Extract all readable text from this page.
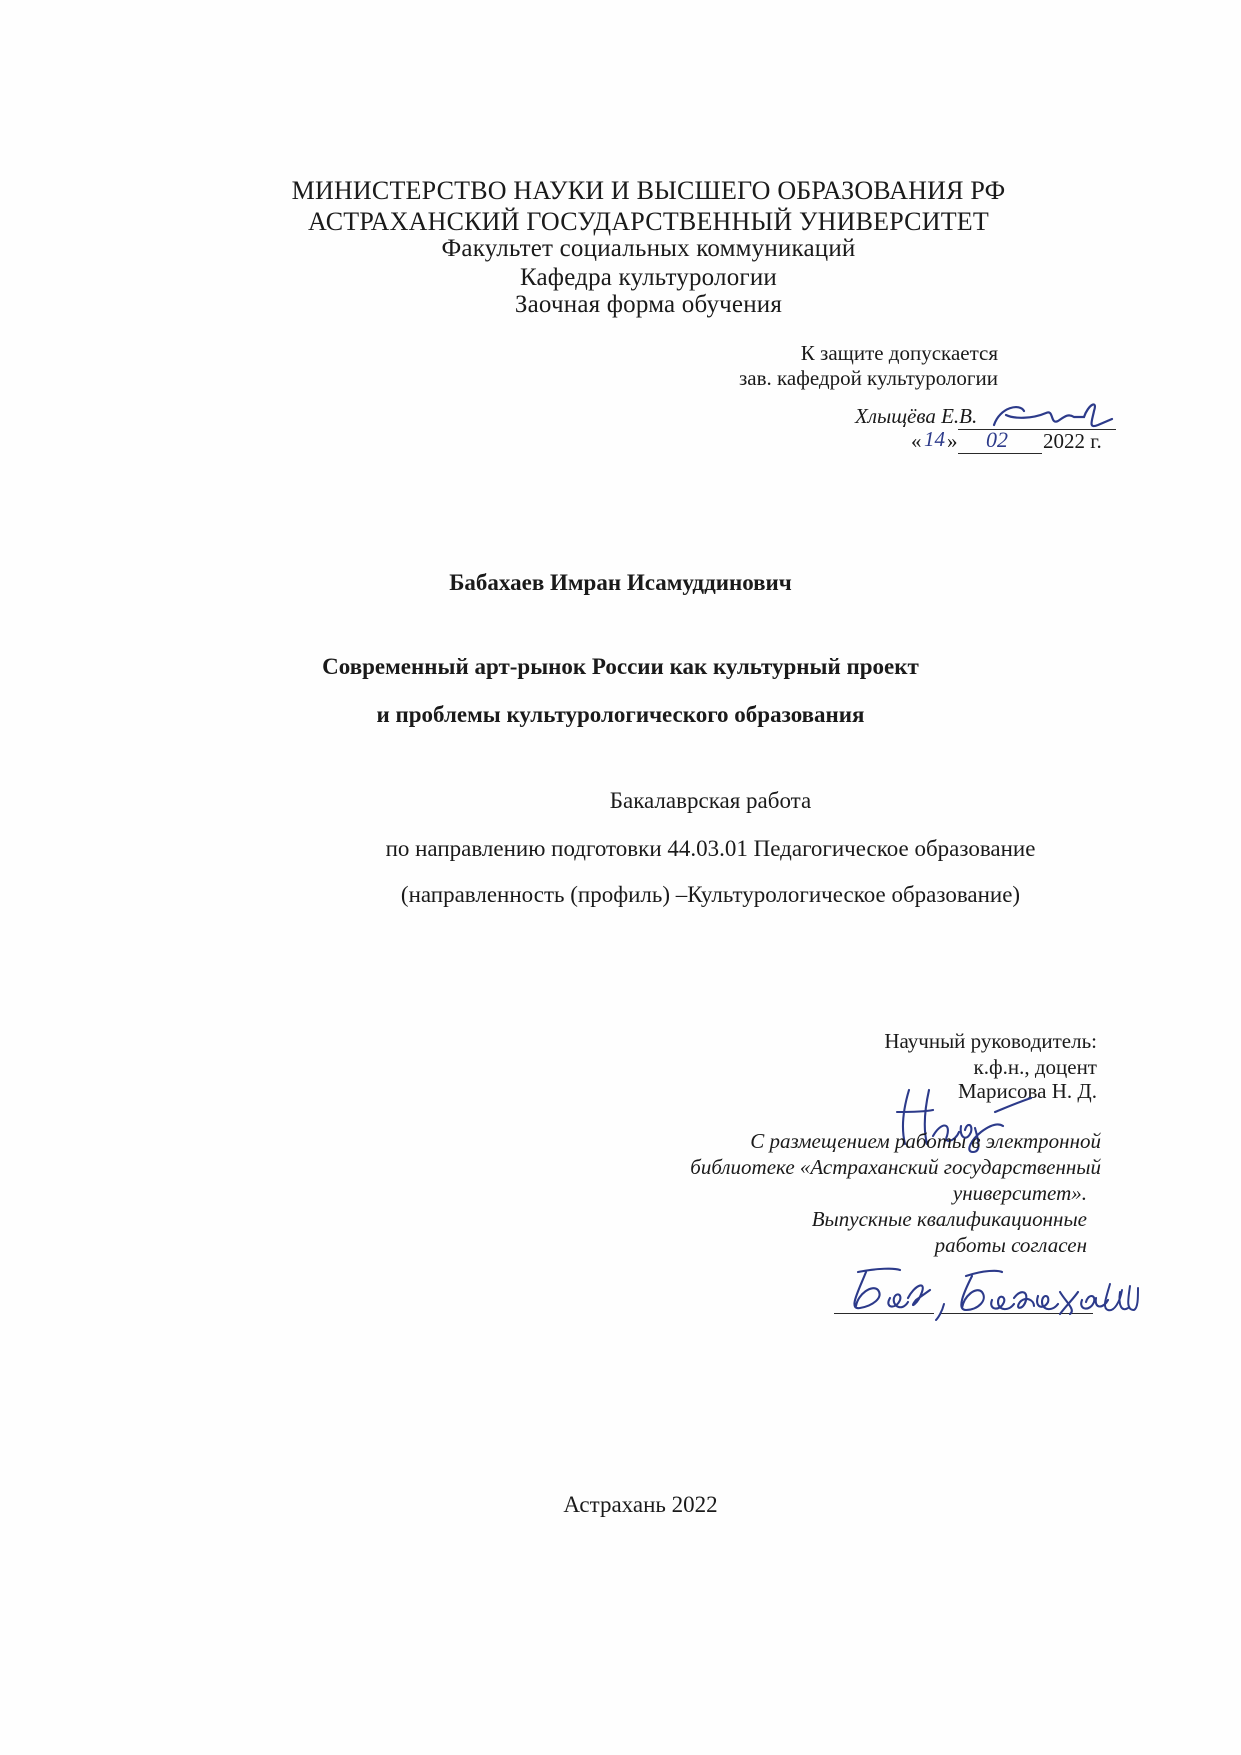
МИНИСТЕРСТВО НАУКИ И ВЫСШЕГО ОБРАЗОВАНИЯ РФ
АСТРАХАНСКИЙ ГОСУДАРСТВЕННЫЙ УНИВЕРСИТЕТ
Факультет социальных коммуникаций
Кафедра культурологии
Заочная форма обучения
К защите допускается
зав. кафедрой культурологии
Хлыщёва Е.В.
« 14 » 02 2022 г.
Бабахаев Имран Исамуддинович
Современный арт-рынок России как культурный проект
и проблемы культурологического образования
Бакалаврская работа
по направлению подготовки 44.03.01 Педагогическое образование
(направленность (профиль) –Культурологическое образование)
Научный руководитель:
к.ф.н., доцент
Марисова Н. Д.
С размещением работы в электронной
библиотеке «Астраханский государственный
университет».
Выпускные квалификационные
работы согласен
Астрахань 2022
